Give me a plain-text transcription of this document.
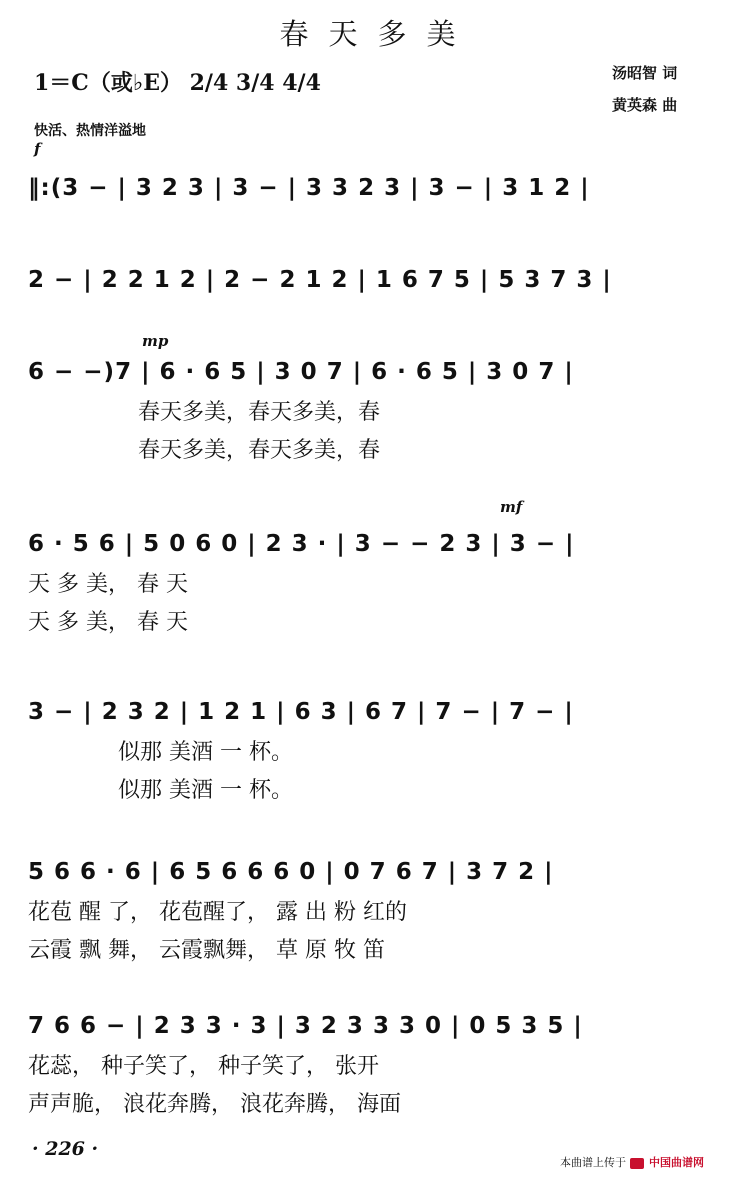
春天多美
1＝C（或♭E） 2/4 3/4 4/4	汤昭智 词
黄英森 曲
快活、热情洋溢地
f
mp
mf
‖:(3 − | 3 2 3 | 3 − | 3 3 2 3 | 3 − | 3 1 2 |
2 − | 2 2 1 2 | 2 − 2 1 2 | 1 6 7 5 | 5 3 7 3 |
6 − −)7 | 6 · 6 5 | 3 0 7 | 6 · 6 5 | 3 0 7 |
春天多美，春天多美，春
春天多美，春天多美，春
6 · 5 6 | 5 0 6 0 | 2 3 · | 3 − − 2 3 | 3 − |
天 多 美， 春 天
天 多 美， 春 天
3 − | 2 3 2 | 1 2 1 | 6 3 | 6 7 | 7 − | 7 − |
似那 美酒 一 杯。
似那 美酒 一 杯。
5 6 6 · 6 | 6 5 6 6 6 0 | 0 7 6 7 | 3 7 2 |
花苞 醒 了， 花苞醒了， 露 出 粉 红的
云霞 飘 舞， 云霞飘舞， 草 原 牧 笛
7 6 6 − | 2 3 3 · 3 | 3 2 3 3 3 0 | 0 5 3 5 |
花蕊， 种子笑了， 种子笑了， 张开
声声脆， 浪花奔腾， 浪花奔腾， 海面
· 226 ·
本曲谱上传于 中国曲谱网
